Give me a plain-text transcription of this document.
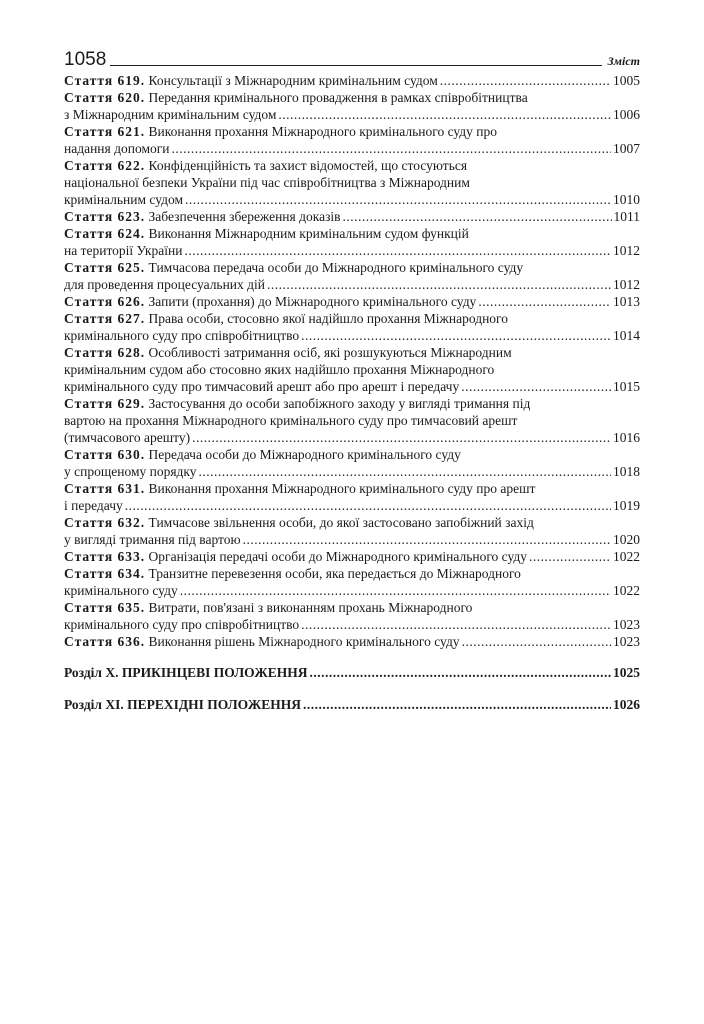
1058	Зміст
Стаття 619. Консультації з Міжнародним кримінальним судом .....	1005
Стаття 620. Передання кримінального провадження в рамках співробітництва
з Міжнародним кримінальним судом .....	1006
Стаття 621. Виконання прохання Міжнародного кримінального суду про
надання допомоги .....	1007
Стаття 622. Конфіденційність та захист відомостей, що стосуються
національної безпеки України під час співробітництва з Міжнародним
кримінальним судом .....	1010
Стаття 623. Забезпечення збереження доказів .....	1011
Стаття 624. Виконання Міжнародним кримінальним судом функцій
на території України .....	1012
Стаття 625. Тимчасова передача особи до Міжнародного кримінального суду
для проведення процесуальних дій .....	1012
Стаття 626. Запити (прохання) до Міжнародного кримінального суду .....	1013
Стаття 627. Права особи, стосовно якої надійшло прохання Міжнародного
кримінального суду про співробітництво .....	1014
Стаття 628. Особливості затримання осіб, які розшукуються Міжнародним
кримінальним судом або стосовно яких надійшло прохання Міжнародного
кримінального суду про тимчасовий арешт або про арешт і передачу .....	1015
Стаття 629. Застосування до особи запобіжного заходу у вигляді тримання під
вартою на прохання Міжнародного кримінального суду про тимчасовий арешт
(тимчасового арешту) .....	1016
Стаття 630. Передача особи до Міжнародного кримінального суду
у спрощеному порядку .....	1018
Стаття 631. Виконання прохання Міжнародного кримінального суду про арешт
і передачу .....	1019
Стаття 632. Тимчасове звільнення особи, до якої застосовано запобіжний захід
у вигляді тримання під вартою .....	1020
Стаття 633. Організація передачі особи до Міжнародного кримінального суду .....	1022
Стаття 634. Транзитне перевезення особи, яка передається до Міжнародного
кримінального суду .....	1022
Стаття 635. Витрати, пов'язані з виконанням прохань Міжнародного
кримінального суду про співробітництво .....	1023
Стаття 636. Виконання рішень Міжнародного кримінального суду .....	1023
Розділ X. ПРИКІНЦЕВІ ПОЛОЖЕННЯ .....	1025
Розділ XI. ПЕРЕХІДНІ ПОЛОЖЕННЯ .....	1026
